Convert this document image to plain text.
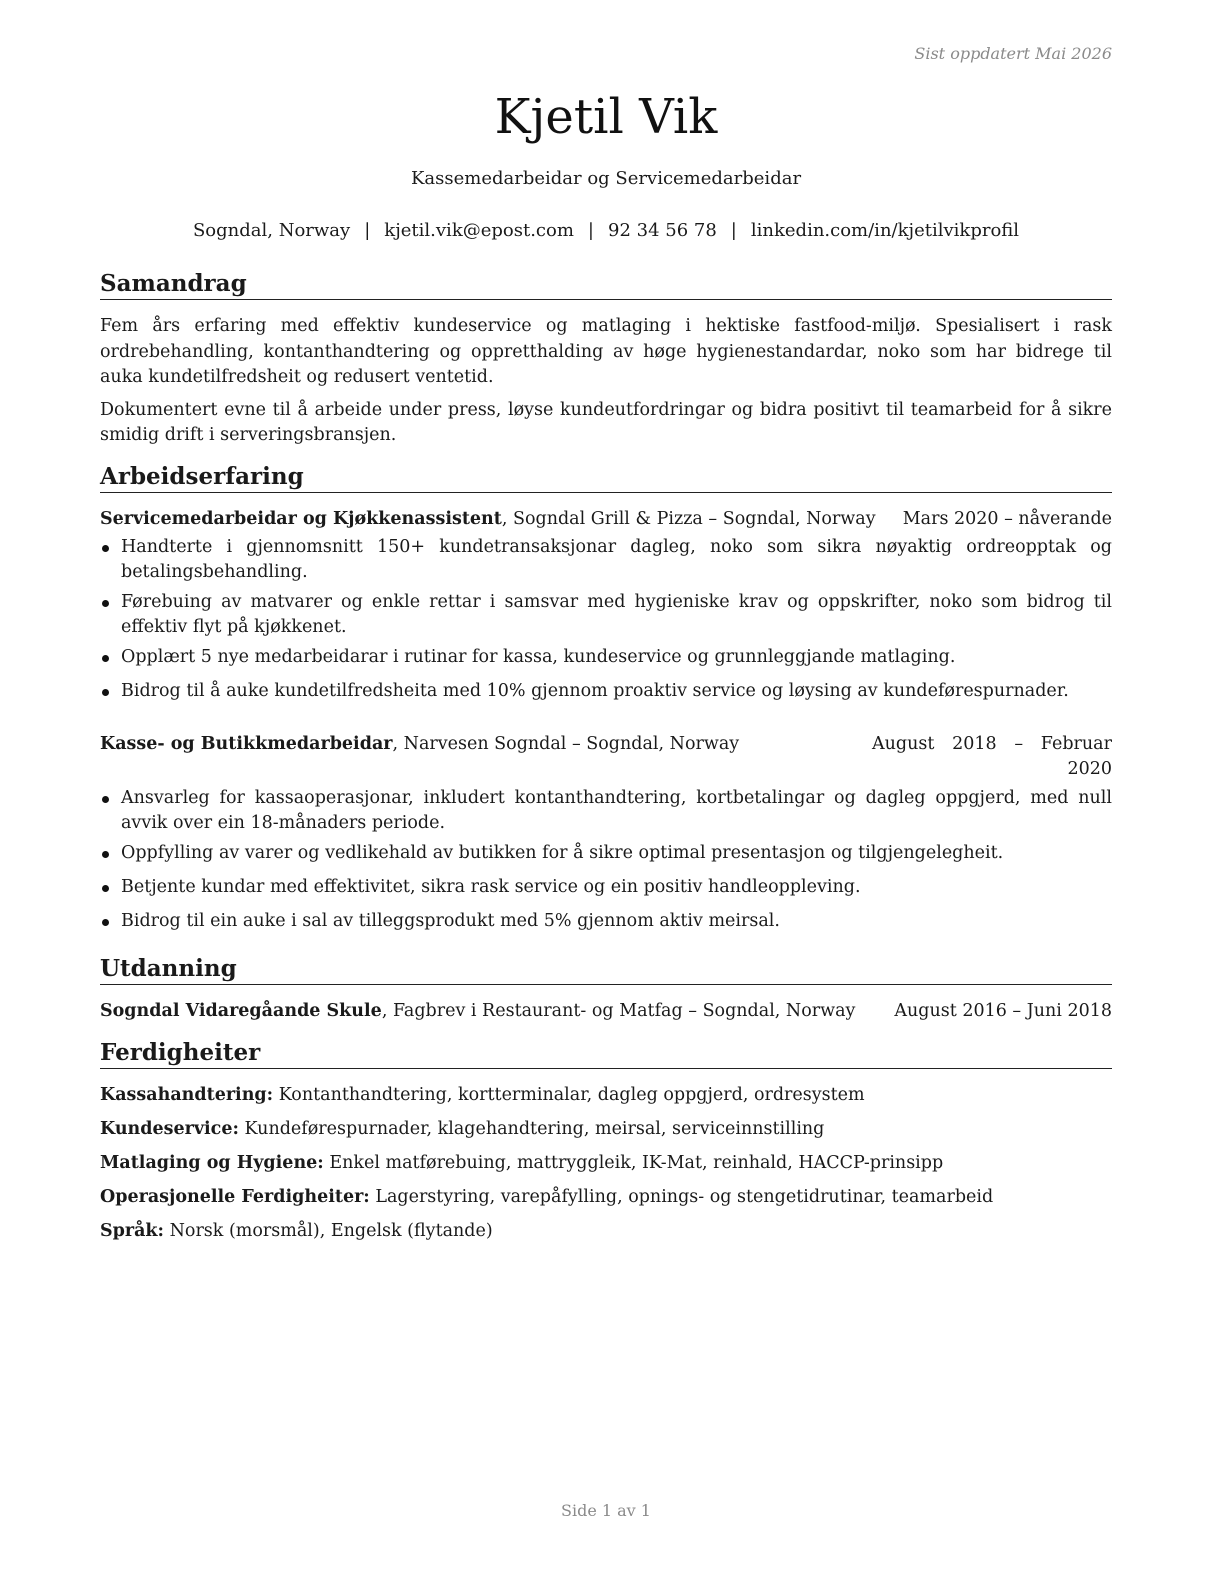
Sist oppdatert Mai 2026
Kjetil Vik
Kassemedarbeidar og Servicemedarbeidar
Sogndal, Norway | kjetil.vik@epost.com | 92 34 56 78 | linkedin.com/in/kjetilvikprofil
Samandrag

Fem års erfaring med effektiv kundeservice og matlaging i hektiske fastfood-miljø. Spesialisert i rask ordrebehandling, kontanthandtering og oppretthalding av høge hygienestandardar, noko som har bidrege til auka kundetilfredsheit og redusert ventetid.

Dokumentert evne til å arbeide under press, løyse kundeutfordringar og bidra positivt til teamarbeid for å sikre smidig drift i serveringsbransjen.

Arbeidserfaring
Servicemedarbeidar og Kjøkkenassistent, Sogndal Grill & Pizza – Sogndal, Norway Mars 2020 – nåverande
Handterte i gjennomsnitt 150+ kundetransaksjonar dagleg, noko som sikra nøyaktig ordreopptak og betalingsbehandling.
Førebuing av matvarer og enkle rettar i samsvar med hygieniske krav og oppskrifter, noko som bidrog til effektiv flyt på kjøkkenet.
Opplært 5 nye medarbeidarar i rutinar for kassa, kundeservice og grunnleggjande matlaging.
Bidrog til å auke kundetilfredsheita med 10% gjennom proaktiv service og løysing av kundeførespurnader.
Kasse- og Butikkmedarbeidar, Narvesen Sogndal – Sogndal, Norway	August 2018 – Februar 2020
Ansvarleg for kassaoperasjonar, inkludert kontanthandtering, kortbetalingar og dagleg oppgjerd, med null avvik over ein 18-månaders periode.
Oppfylling av varer og vedlikehald av butikken for å sikre optimal presentasjon og tilgjengelegheit.
Betjente kundar med effektivitet, sikra rask service og ein positiv handleoppleving.
Bidrog til ein auke i sal av tilleggsprodukt med 5% gjennom aktiv meirsal.
Utdanning
Sogndal Vidaregåande Skule, Fagbrev i Restaurant- og Matfag – Sogndal, Norway August 2016 – Juni 2018
Ferdigheiter
Kassahandtering: Kontanthandtering, kortterminalar, dagleg oppgjerd, ordresystem
Kundeservice: Kundeførespurnader, klagehandtering, meirsal, serviceinnstilling
Matlaging og Hygiene: Enkel matførebuing, mattryggleik, IK-Mat, reinhald, HACCP-prinsipp
Operasjonelle Ferdigheiter: Lagerstyring, varepåfylling, opnings- og stengetidrutinar, teamarbeid
Språk: Norsk (morsmål), Engelsk (flytande)
Side 1 av 1
